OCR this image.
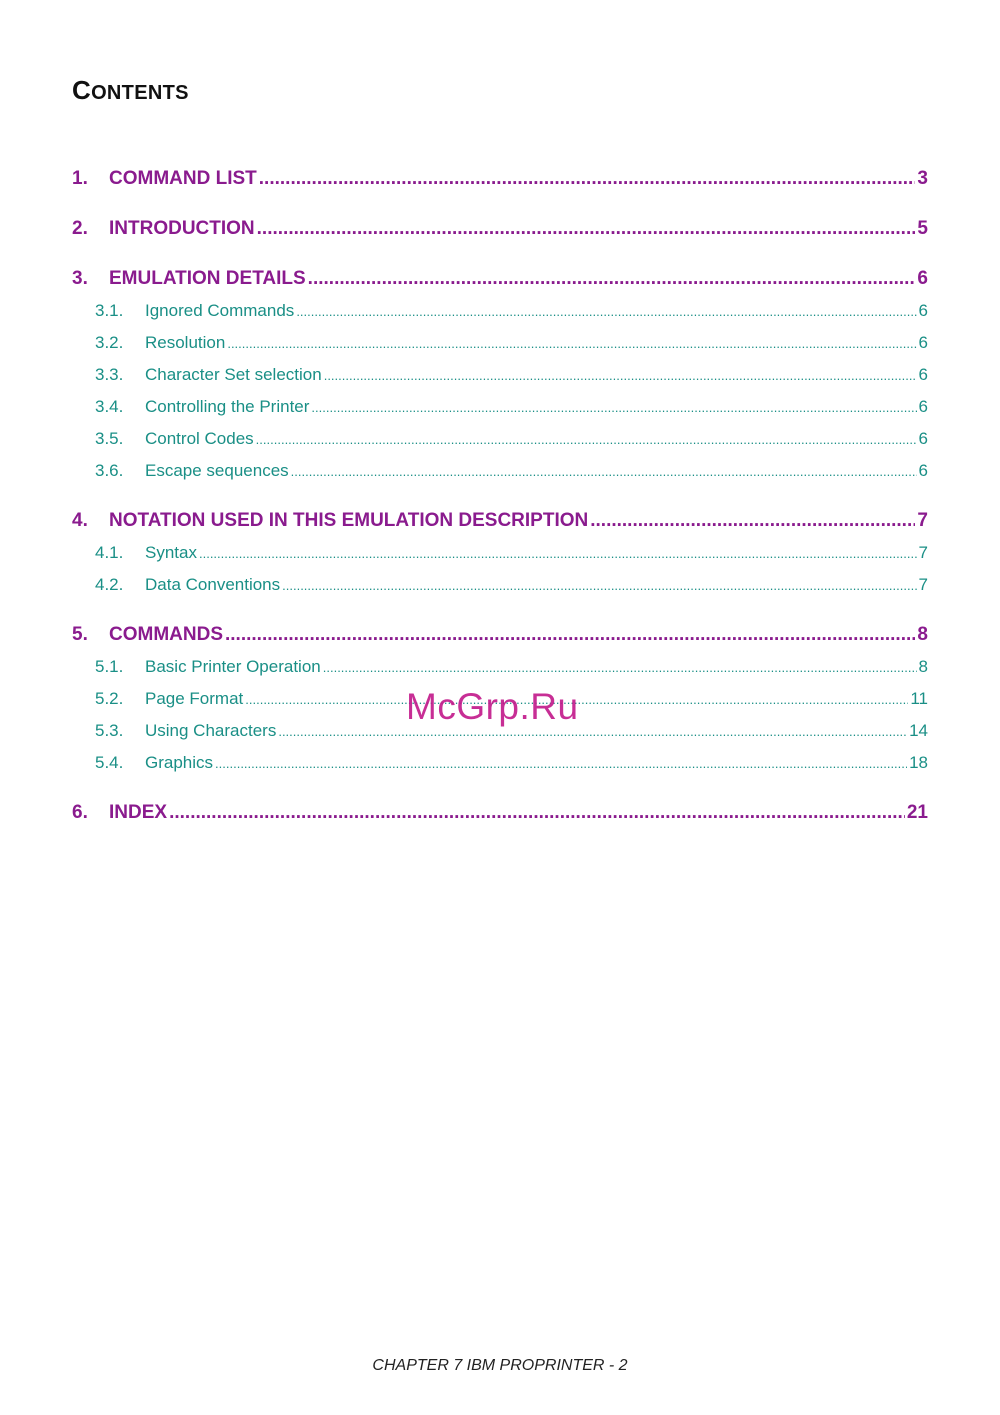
CONTENTS
1.	COMMAND LIST .....	3
2.	INTRODUCTION .....	5
3.	EMULATION DETAILS .....	6
3.1.	Ignored Commands .....	6
3.2.	Resolution .....	6
3.3.	Character Set selection .....	6
3.4.	Controlling the Printer .....	6
3.5.	Control Codes .....	6
3.6.	Escape sequences .....	6
4.	NOTATION USED IN THIS EMULATION DESCRIPTION .....	7
4.1.	Syntax .....	7
4.2.	Data Conventions .....	7
5.	COMMANDS .....	8
5.1.	Basic Printer Operation .....	8
5.2.	Page Format .....	11
5.3.	Using Characters .....	14
5.4.	Graphics .....	18
6.	INDEX .....	21
McGrp.Ru
CHAPTER 7 IBM PROPRINTER - 2
